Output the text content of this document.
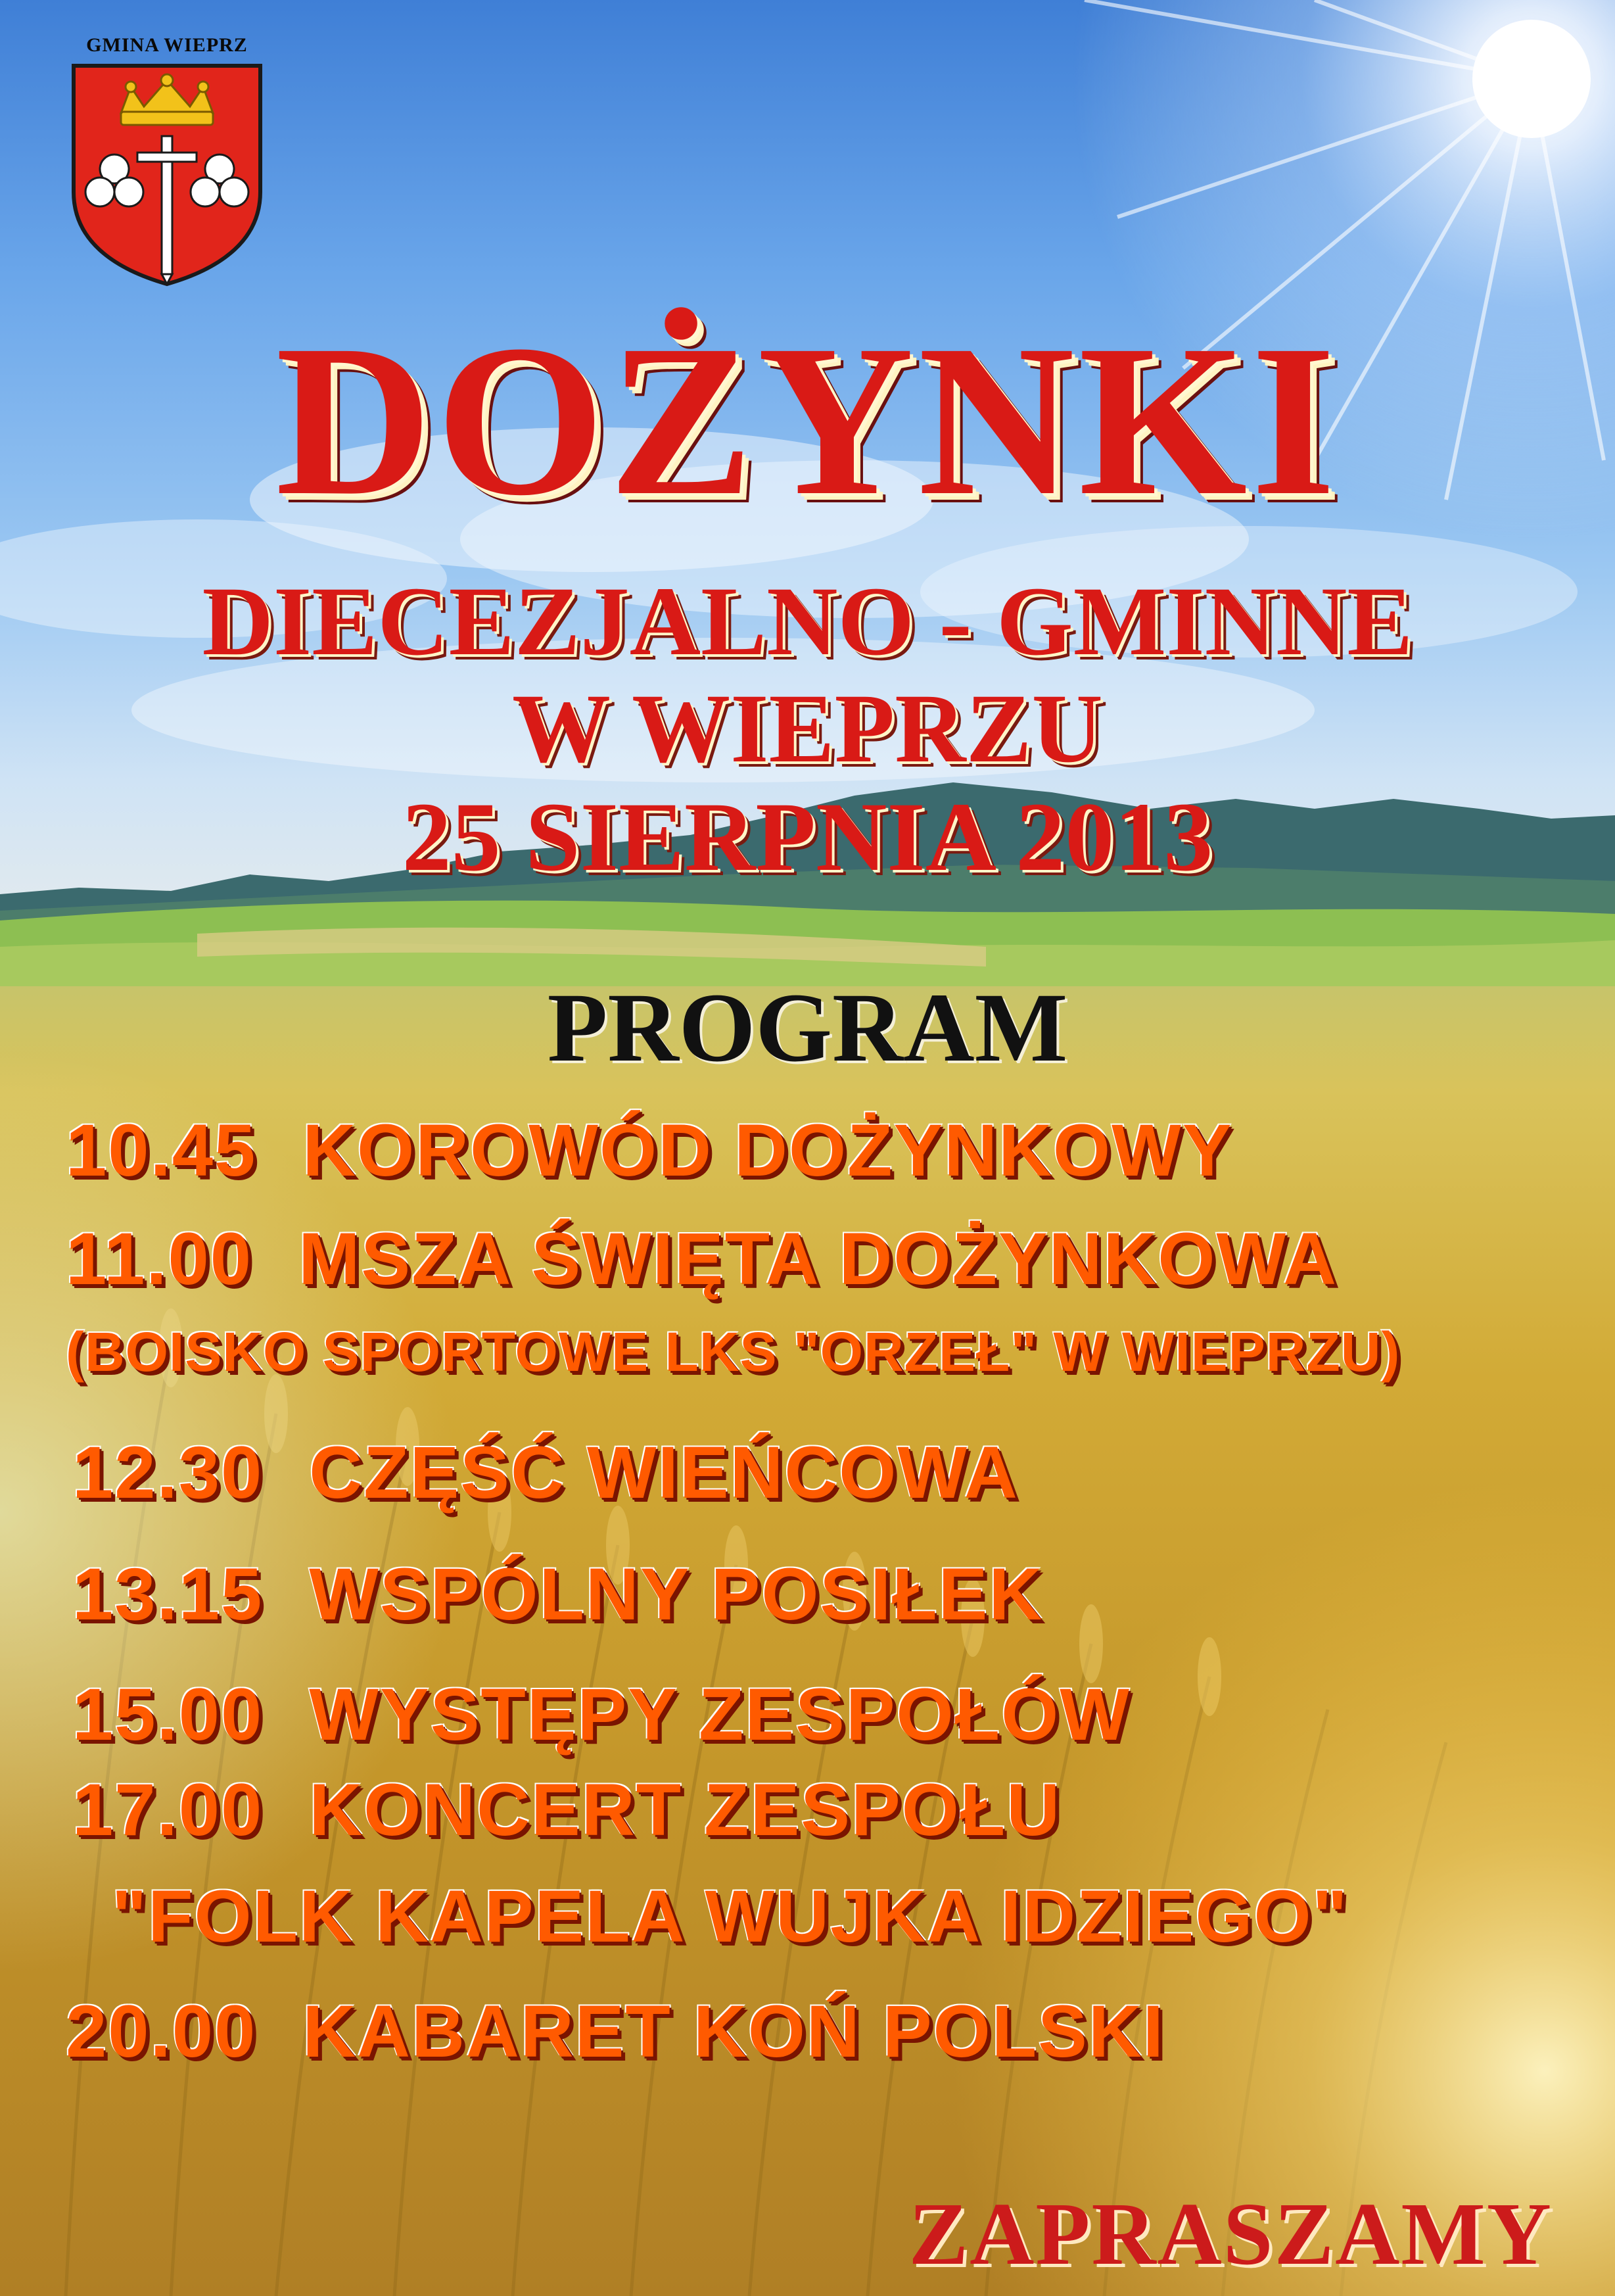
GMINA WIEPRZ
DOŻYNKI
DIECEZJALNO - GMINNE
W WIEPRZU
25 SIERPNIA 2013
PROGRAM
10.45 KOROWÓD DOŻYNKOWY
11.00 MSZA ŚWIĘTA DOŻYNKOWA
(BOISKO SPORTOWE LKS "ORZEŁ" W WIEPRZU)
12.30 CZĘŚĆ WIEŃCOWA
13.15 WSPÓLNY POSIŁEK
15.00 WYSTĘPY ZESPOŁÓW
17.00 KONCERT ZESPOŁU
"FOLK KAPELA WUJKA IDZIEGO"
20.00 KABARET KOŃ POLSKI
ZAPRASZAMY
